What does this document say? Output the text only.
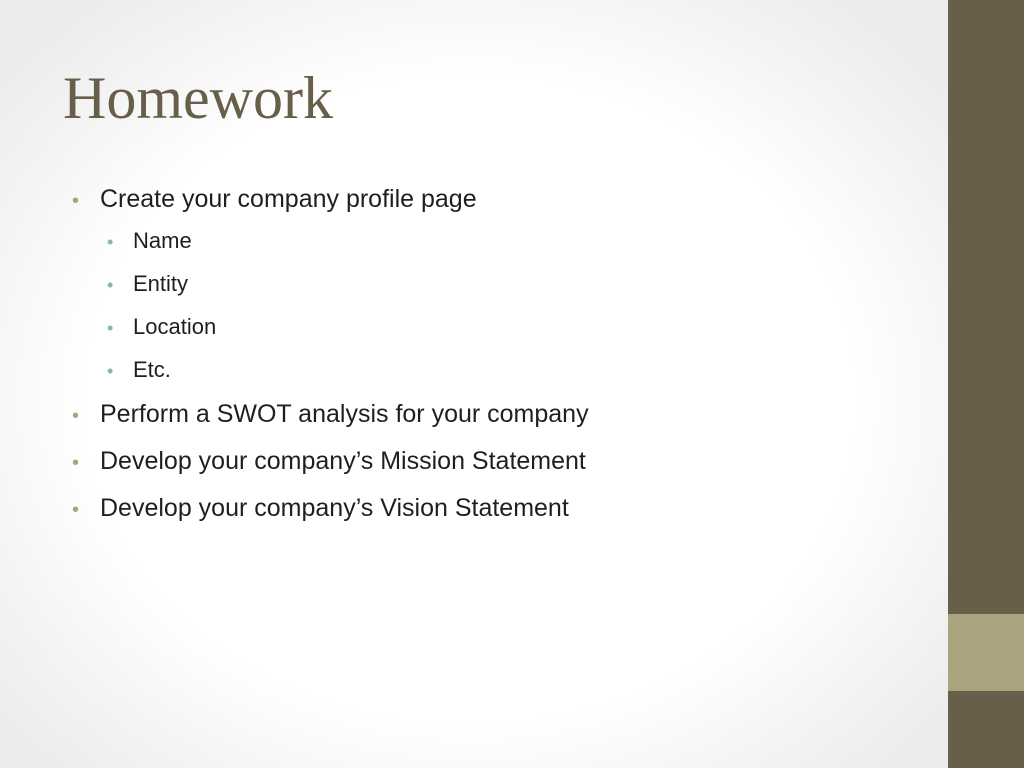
Homework
• Create your company profile page
• Name
• Entity
• Location
• Etc.
• Perform a SWOT analysis for your company
• Develop your company’s Mission Statement
• Develop your company’s Vision Statement
